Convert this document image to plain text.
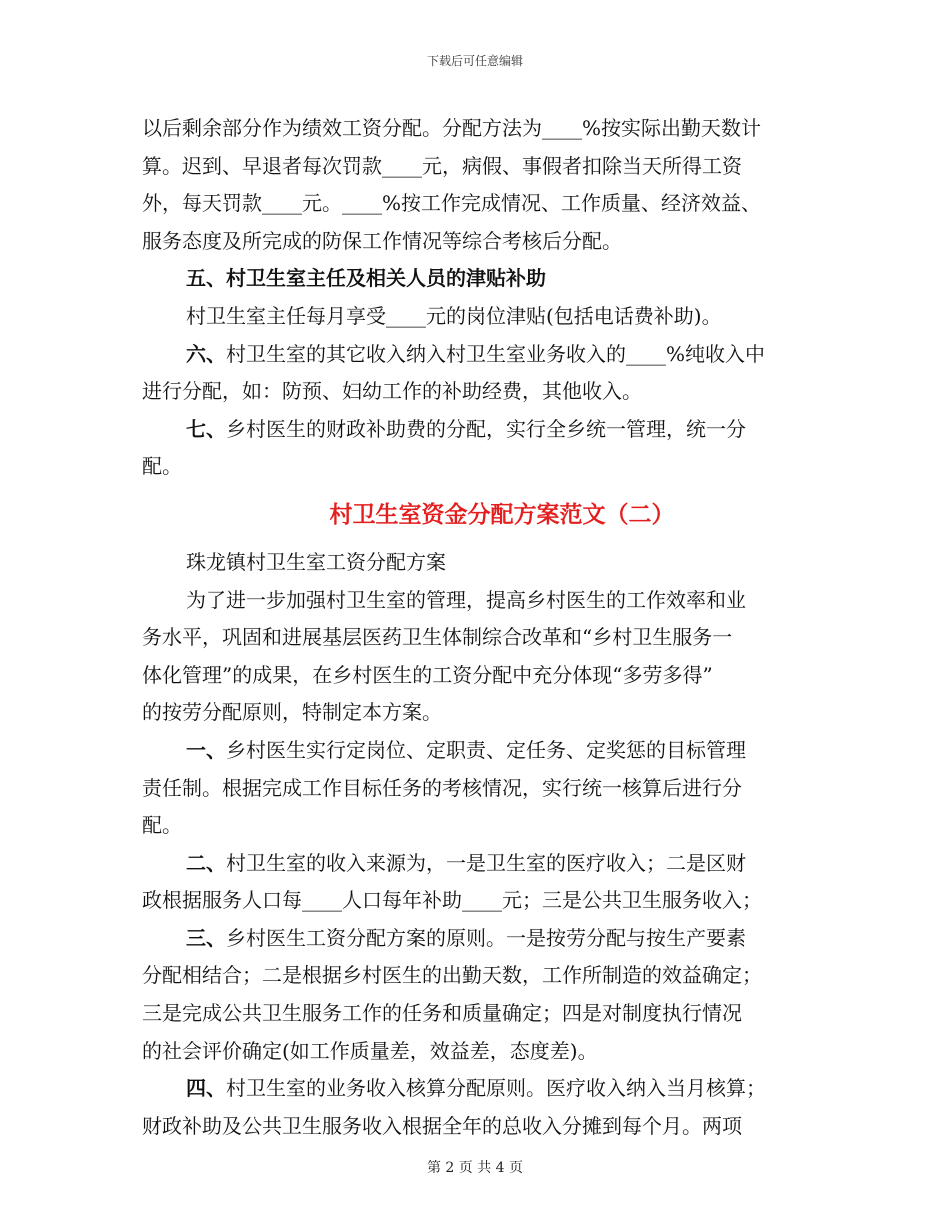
下载后可任意编辑

以后剩余部分作为绩效工资分配。分配方法为____%按实际出勤天数计

算。迟到、早退者每次罚款____元，病假、事假者扣除当天所得工资

外，每天罚款____元。____%按工作完成情况、工作质量、经济效益、

服务态度及所完成的防保工作情况等综合考核后分配。

五、村卫生室主任及相关人员的津贴补助

村卫生室主任每月享受____元的岗位津贴(包括电话费补助)。

六、村卫生室的其它收入纳入村卫生室业务收入的____%纯收入中

进行分配，如：防预、妇幼工作的补助经费，其他收入。

七、乡村医生的财政补助费的分配，实行全乡统一管理，统一分

配。

村卫生室资金分配方案范文（二）

珠龙镇村卫生室工资分配方案

为了进一步加强村卫生室的管理，提高乡村医生的工作效率和业

务水平，巩固和进展基层医药卫生体制综合改革和“乡村卫生服务一

体化管理”的成果，在乡村医生的工资分配中充分体现“多劳多得”

的按劳分配原则，特制定本方案。

一、乡村医生实行定岗位、定职责、定任务、定奖惩的目标管理

责任制。根据完成工作目标任务的考核情况，实行统一核算后进行分

配。

二、村卫生室的收入来源为，一是卫生室的医疗收入；二是区财

政根据服务人口每____人口每年补助____元；三是公共卫生服务收入；

三、乡村医生工资分配方案的原则。一是按劳分配与按生产要素

分配相结合；二是根据乡村医生的出勤天数，工作所制造的效益确定；

三是完成公共卫生服务工作的任务和质量确定；四是对制度执行情况

的社会评价确定(如工作质量差，效益差，态度差)。

四、村卫生室的业务收入核算分配原则。医疗收入纳入当月核算；

财政补助及公共卫生服务收入根据全年的总收入分摊到每个月。两项

第 2 页 共 4 页
